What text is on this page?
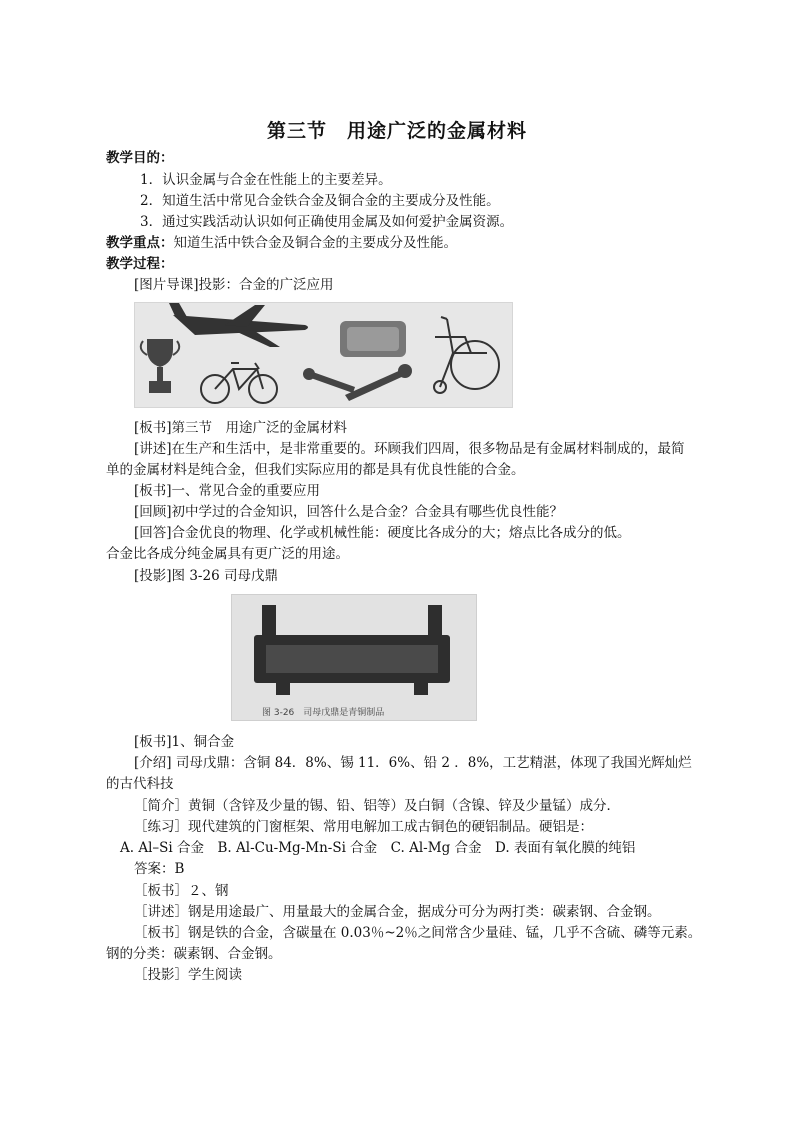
第三节　用途广泛的金属材料
教学目的：
1．认识金属与合金在性能上的主要差异。
2．知道生活中常见合金铁合金及铜合金的主要成分及性能。
3．通过实践活动认识如何正确使用金属及如何爱护金属资源。
教学重点：知道生活中铁合金及铜合金的主要成分及性能。
教学过程：
[图片导课]投影：合金的广泛应用
[板书]第三节　用途广泛的金属材料
[讲述]在生产和生活中，是非常重要的。环顾我们四周，很多物品是有金属材料制成的，最简
单的金属材料是纯合金，但我们实际应用的都是具有优良性能的合金。
[板书]一、常见合金的重要应用
[回顾]初中学过的合金知识，回答什么是合金？合金具有哪些优良性能？
[回答]合金优良的物理、化学或机械性能：硬度比各成分的大；熔点比各成分的低。
合金比各成分纯金属具有更广泛的用途。
[投影]图 3-26 司母戊鼎
图 3-26　司母戊鼎是青铜制品
[板书]1、铜合金
[介绍] 司母戊鼎：含铜 84．8%、锡 11．6%、铅 2 ．8%，工艺精湛，体现了我国光辉灿烂
的古代科技
［简介］黄铜（含锌及少量的锡、铅、铝等）及白铜（含镍、锌及少量锰）成分．
［练习］现代建筑的门窗框架、常用电解加工成古铜色的硬铝制品。硬铝是：
A. Al–Si 合金　B. Al-Cu-Mg-Mn-Si 合金　C. Al-Mg 合金　D. 表面有氧化膜的纯铝
答案：B
［板书］２、钢
［讲述］钢是用途最广、用量最大的金属合金，据成分可分为两打类：碳素钢、合金钢。
［板书］钢是铁的合金，含碳量在 0.03％~2％之间常含少量硅、锰，几乎不含硫、磷等元素。
钢的分类：碳素钢、合金钢。
［投影］学生阅读
